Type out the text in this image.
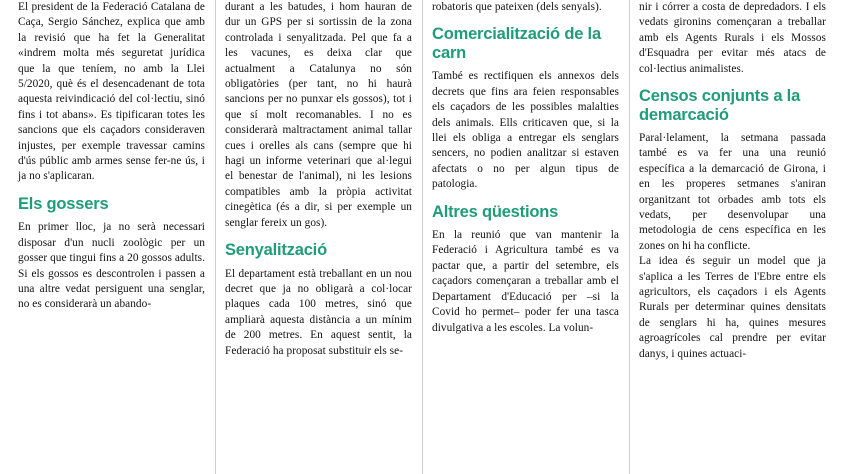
El president de la Federació Catalana de Caça, Sergio Sánchez, explica que amb la revisió que ha fet la Generalitat «indrem molta més seguretat jurídica que la que teníem, no amb la Llei 5/2020, què és el desencadenant de tota aquesta reivindicació del col·lectiu, sinó fins i tot abans». Es tipificaran totes les sancions que els caçadors consideraven injustes, per exemple travessar camins d'ús públic amb armes sense fer-ne ús, i ja no s'aplicaran.

Els gossers

En primer lloc, ja no serà necessari disposar d'un nucli zoològic per un gosser que tingui fins a 20 gossos adults. Si els gossos es descontrolen i passen a una altre vedat persiguent una senglar, no es considerarà un abando-

durant a les batudes, i hom hauran de dur un GPS per si sortissin de la zona controlada i senyalitzada. Pel que fa a les vacunes, es deixa clar que actualment a Catalunya no són obligatòries (per tant, no hi haurà sancions per no punxar els gossos), tot i que sí molt recomanables. I no es considerarà maltractament animal tallar cues i orelles als cans (sempre que hi hagi un informe veterinari que al·legui el benestar de l'animal), ni les lesions compatibles amb la pròpia activitat cinegètica (és a dir, si per exemple un senglar fereix un gos).

Senyalització

El departament està treballant en un nou decret que ja no obligarà a col·locar plaques cada 100 metres, sinó que ampliarà aquesta distància a un mínim de 200 metres. En aquest sentit, la Federació ha proposat substituir els se-

robatoris que pateixen (dels senyals).

Comercialització de la carn

També es rectifiquen els annexos dels decrets que fins ara feien responsables els caçadors de les possibles malalties dels animals. Ells criticaven que, si la llei els obliga a entregar els senglars sencers, no podien analitzar si estaven afectats o no per algun tipus de patologia.

Altres qüestions

En la reunió que van mantenir la Federació i Agricultura també es va pactar que, a partir del setembre, els caçadors començaran a treballar amb el Departament d'Educació per –si la Covid ho permet– poder fer una tasca divulgativa a les escoles. La volun-

nir i córrer a costa de depredadors. I els vedats gironins començaran a treballar amb els Agents Rurals i els Mossos d'Esquadra per evitar més atacs de col·lectius animalistes.

Censos conjunts a la demarcació

Paral·lelament, la setmana passada també es va fer una una reunió específica a la demarcació de Girona, i en les properes setmanes s'aniran organitzant tot orbades amb tots els vedats, per desenvolupar una metodologia de cens específica en les zones on hi ha conflicte.

La idea és seguir un model que ja s'aplica a les Terres de l'Ebre entre els agricultors, els caçadors i els Agents Rurals per determinar quines densitats de senglars hi ha, quines mesures agroagrícoles cal prendre per evitar danys, i quines actuaci-
